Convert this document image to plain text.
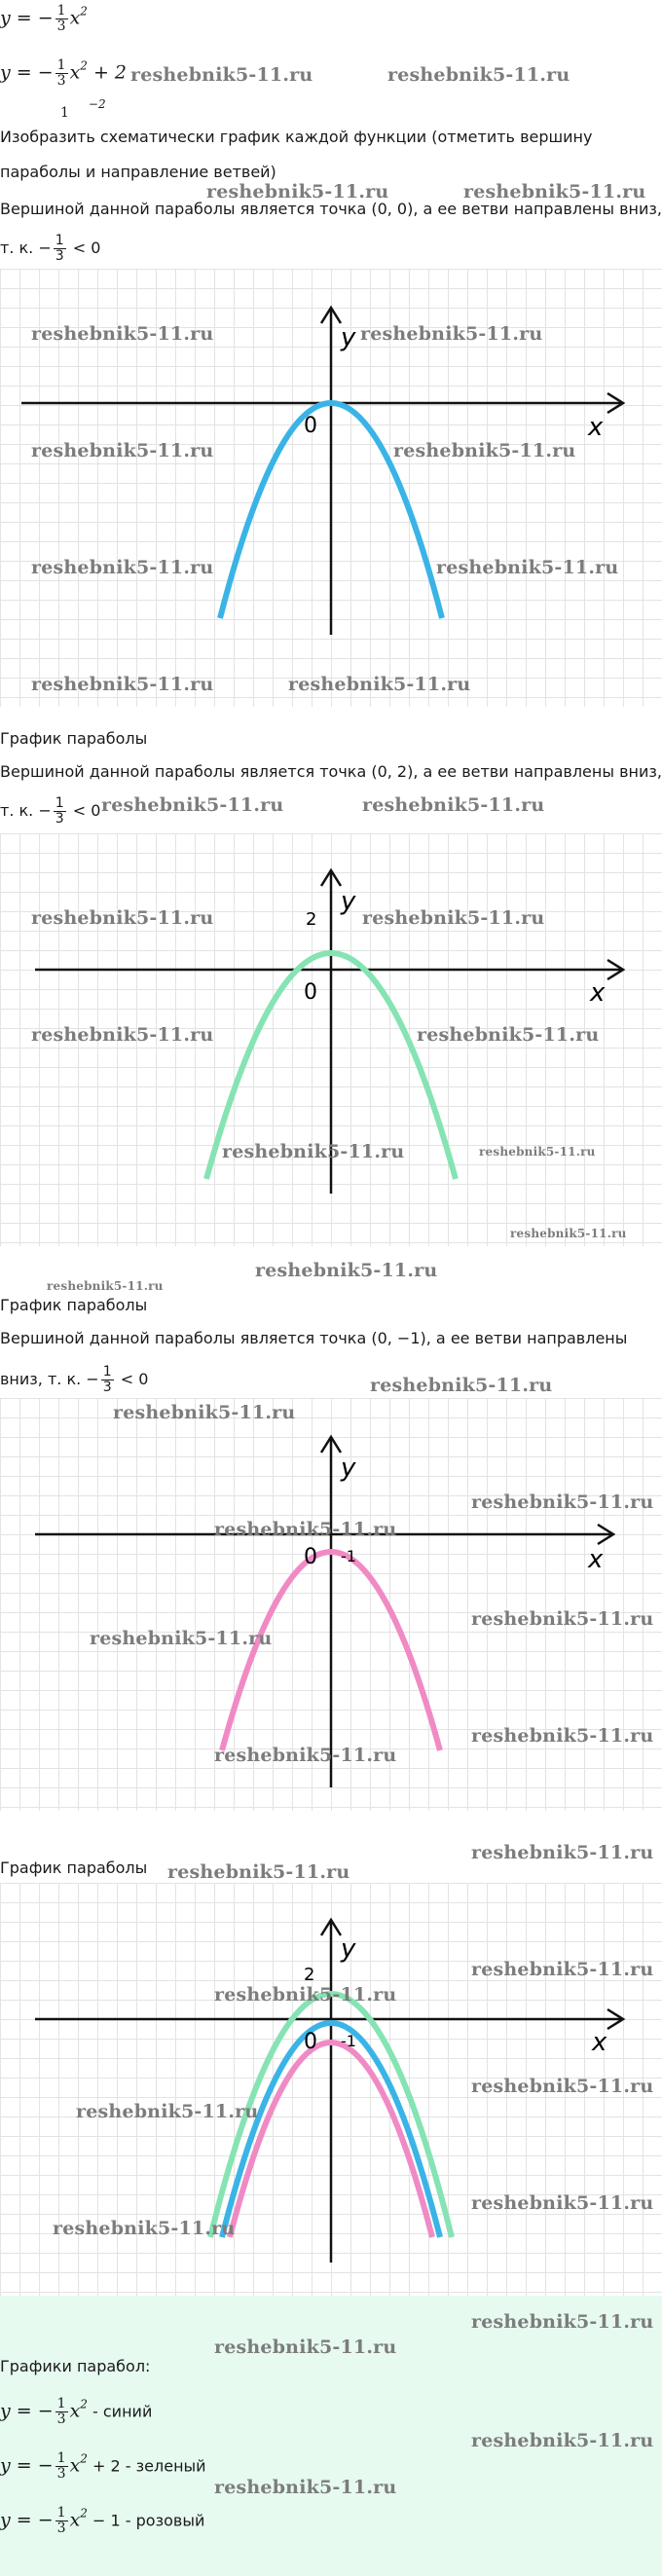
y = − $\frac{1}{3} x^2$
y = − $\frac{1}{3} x^2 + 2$ reshebnik5-11.ru	reshebnik5-11.ru
$1^{-2}$
Изобразить схематически график каждой функции (отметить вершину
параболы и направление ветвей)
reshebnik5-11.ru	reshebnik5-11.ru
Вершиной данной параболы является точка (0, 0), а ее ветви направлены вниз,
т. к. − $\frac{1}{3} < 0$
x
y
0
reshebnik5-11.ru	reshebnik5-11.ru
reshebnik5-11.ru	reshebnik5-11.ru
reshebnik5-11.ru	reshebnik5-11.ru
reshebnik5-11.ru	reshebnik5-11.ru
График параболы
Вершиной данной параболы является точка (0, 2), а ее ветви направлены вниз,
т. к. − $\frac{1}{3} < 0$ reshebnik5-11.ru	reshebnik5-11.ru
x
y
0
2
reshebnik5-11.ru	reshebnik5-11.ru
reshebnik5-11.ru	reshebnik5-11.ru
reshebnik5-11.ru	reshebnik5-11.ru
reshebnik5-11.ru
reshebnik5-11.ru
reshebnik5-11.ru
График параболы
Вершиной данной параболы является точка (0, −1), а ее ветви направлены
вниз, т. к. − $\frac{1}{3} < 0$	reshebnik5-11.ru
x
y
0 -1
reshebnik5-11.ru
reshebnik5-11.ru
reshebnik5-11.ru
reshebnik5-11.ru
reshebnik5-11.ru
reshebnik5-11.ru
reshebnik5-11.ru
График параболы
reshebnik5-11.ru
x
y
0
2
-1
reshebnik5-11.ru
reshebnik5-11.ru
reshebnik5-11.ru
reshebnik5-11.ru
reshebnik5-11.ru
reshebnik5-11.ru
reshebnik5-11.ru
reshebnik5-11.ru
reshebnik5-11.ru
Графики парабол:
y = − $\frac{1}{3} x^2$ - синий
reshebnik5-11.ru
y = − $\frac{1}{3} x^2 + 2$ - зеленый
reshebnik5-11.ru
y = − $\frac{1}{3} x^2 - 1$ - розовый
